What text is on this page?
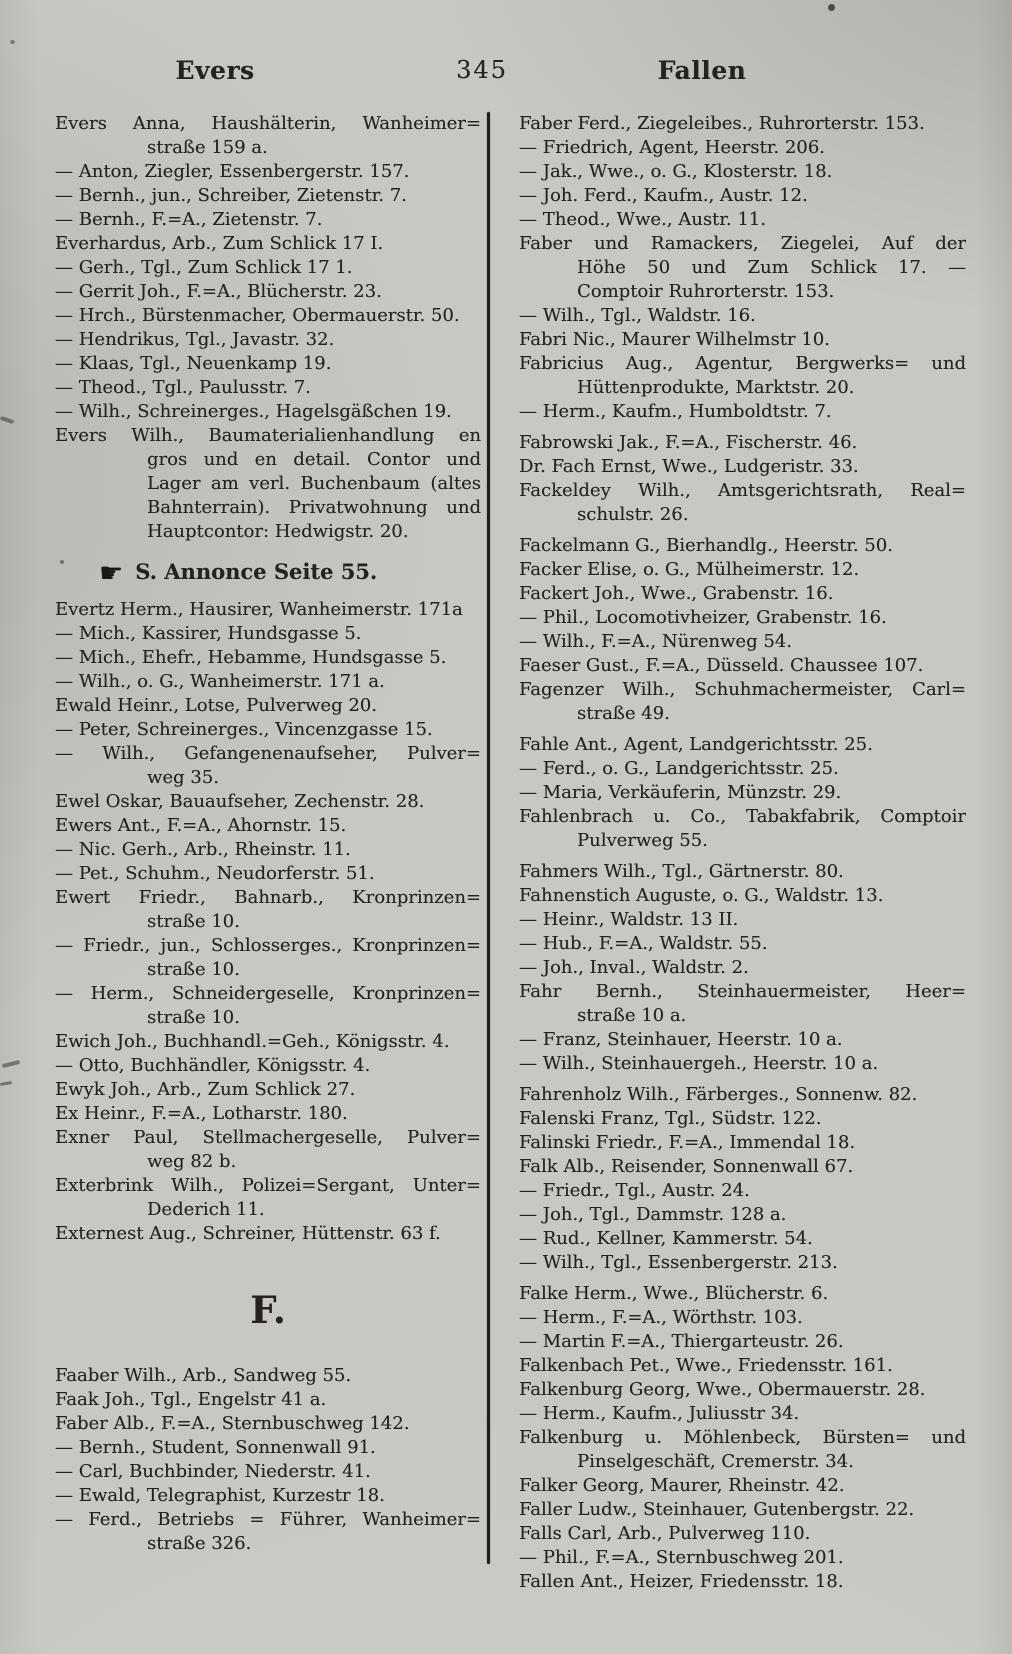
Evers	345	Fallen
Evers Anna, Haushälterin, Wanheimer=
straße 159 a.
— Anton, Ziegler, Essenbergerstr. 157.
— Bernh., jun., Schreiber, Zietenstr. 7.
— Bernh., F.=A., Zietenstr. 7.
Everhardus, Arb., Zum Schlick 17 I.
— Gerh., Tgl., Zum Schlick 17 1.
— Gerrit Joh., F.=A., Blücherstr. 23.
— Hrch., Bürstenmacher, Obermauerstr. 50.
— Hendrikus, Tgl., Javastr. 32.
— Klaas, Tgl., Neuenkamp 19.
— Theod., Tgl., Paulusstr. 7.
— Wilh., Schreinerges., Hagelsgäßchen 19.
Evers Wilh., Baumaterialienhandlung en
gros und en detail. Contor und
Lager am verl. Buchenbaum (altes
Bahnterrain). Privatwohnung und
Hauptcontor: Hedwigstr. 20.
☛ S. Annonce Seite 55.
Evertz Herm., Hausirer, Wanheimerstr. 171a
— Mich., Kassirer, Hundsgasse 5.
— Mich., Ehefr., Hebamme, Hundsgasse 5.
— Wilh., o. G., Wanheimerstr. 171 a.
Ewald Heinr., Lotse, Pulverweg 20.
— Peter, Schreinerges., Vincenzgasse 15.
— Wilh., Gefangenenaufseher, Pulver=
weg 35.
Ewel Oskar, Bauaufseher, Zechenstr. 28.
Ewers Ant., F.=A., Ahornstr. 15.
— Nic. Gerh., Arb., Rheinstr. 11.
— Pet., Schuhm., Neudorferstr. 51.
Ewert Friedr., Bahnarb., Kronprinzen=
straße 10.
— Friedr., jun., Schlosserges., Kronprinzen=
straße 10.
— Herm., Schneidergeselle, Kronprinzen=
straße 10.
Ewich Joh., Buchhandl.=Geh., Königsstr. 4.
— Otto, Buchhändler, Königsstr. 4.
Ewyk Joh., Arb., Zum Schlick 27.
Ex Heinr., F.=A., Lotharstr. 180.
Exner Paul, Stellmachergeselle, Pulver=
weg 82 b.
Exterbrink Wilh., Polizei=Sergant, Unter=
Dederich 11.
Externest Aug., Schreiner, Hüttenstr. 63 f.
F.
Faaber Wilh., Arb., Sandweg 55.
Faak Joh., Tgl., Engelstr 41 a.
Faber Alb., F.=A., Sternbuschweg 142.
— Bernh., Student, Sonnenwall 91.
— Carl, Buchbinder, Niederstr. 41.
— Ewald, Telegraphist, Kurzestr 18.
— Ferd., Betriebs = Führer, Wanheimer=
straße 326.
Faber Ferd., Ziegeleibes., Ruhrorterstr. 153.
— Friedrich, Agent, Heerstr. 206.
— Jak., Wwe., o. G., Klosterstr. 18.
— Joh. Ferd., Kaufm., Austr. 12.
— Theod., Wwe., Austr. 11.
Faber und Ramackers, Ziegelei, Auf der
Höhe 50 und Zum Schlick 17. —
Comptoir Ruhrorterstr. 153.
— Wilh., Tgl., Waldstr. 16.
Fabri Nic., Maurer Wilhelmstr 10.
Fabricius Aug., Agentur, Bergwerks= und
Hüttenprodukte, Marktstr. 20.
— Herm., Kaufm., Humboldtstr. 7.
Fabrowski Jak., F.=A., Fischerstr. 46.
Dr. Fach Ernst, Wwe., Ludgeristr. 33.
Fackeldey Wilh., Amtsgerichtsrath, Real=
schulstr. 26.
Fackelmann G., Bierhandlg., Heerstr. 50.
Facker Elise, o. G., Mülheimerstr. 12.
Fackert Joh., Wwe., Grabenstr. 16.
— Phil., Locomotivheizer, Grabenstr. 16.
— Wilh., F.=A., Nürenweg 54.
Faeser Gust., F.=A., Düsseld. Chaussee 107.
Fagenzer Wilh., Schuhmachermeister, Carl=
straße 49.
Fahle Ant., Agent, Landgerichtsstr. 25.
— Ferd., o. G., Landgerichtsstr. 25.
— Maria, Verkäuferin, Münzstr. 29.
Fahlenbrach u. Co., Tabakfabrik, Comptoir
Pulverweg 55.
Fahmers Wilh., Tgl., Gärtnerstr. 80.
Fahnenstich Auguste, o. G., Waldstr. 13.
— Heinr., Waldstr. 13 II.
— Hub., F.=A., Waldstr. 55.
— Joh., Inval., Waldstr. 2.
Fahr Bernh., Steinhauermeister, Heer=
straße 10 a.
— Franz, Steinhauer, Heerstr. 10 a.
— Wilh., Steinhauergeh., Heerstr. 10 a.
Fahrenholz Wilh., Färberges., Sonnenw. 82.
Falenski Franz, Tgl., Südstr. 122.
Falinski Friedr., F.=A., Immendal 18.
Falk Alb., Reisender, Sonnenwall 67.
— Friedr., Tgl., Austr. 24.
— Joh., Tgl., Dammstr. 128 a.
— Rud., Kellner, Kammerstr. 54.
— Wilh., Tgl., Essenbergerstr. 213.
Falke Herm., Wwe., Blücherstr. 6.
— Herm., F.=A., Wörthstr. 103.
— Martin F.=A., Thiergarteustr. 26.
Falkenbach Pet., Wwe., Friedensstr. 161.
Falkenburg Georg, Wwe., Obermauerstr. 28.
— Herm., Kaufm., Juliusstr 34.
Falkenburg u. Möhlenbeck, Bürsten= und
Pinselgeschäft, Cremerstr. 34.
Falker Georg, Maurer, Rheinstr. 42.
Faller Ludw., Steinhauer, Gutenbergstr. 22.
Falls Carl, Arb., Pulverweg 110.
— Phil., F.=A., Sternbuschweg 201.
Fallen Ant., Heizer, Friedensstr. 18.
